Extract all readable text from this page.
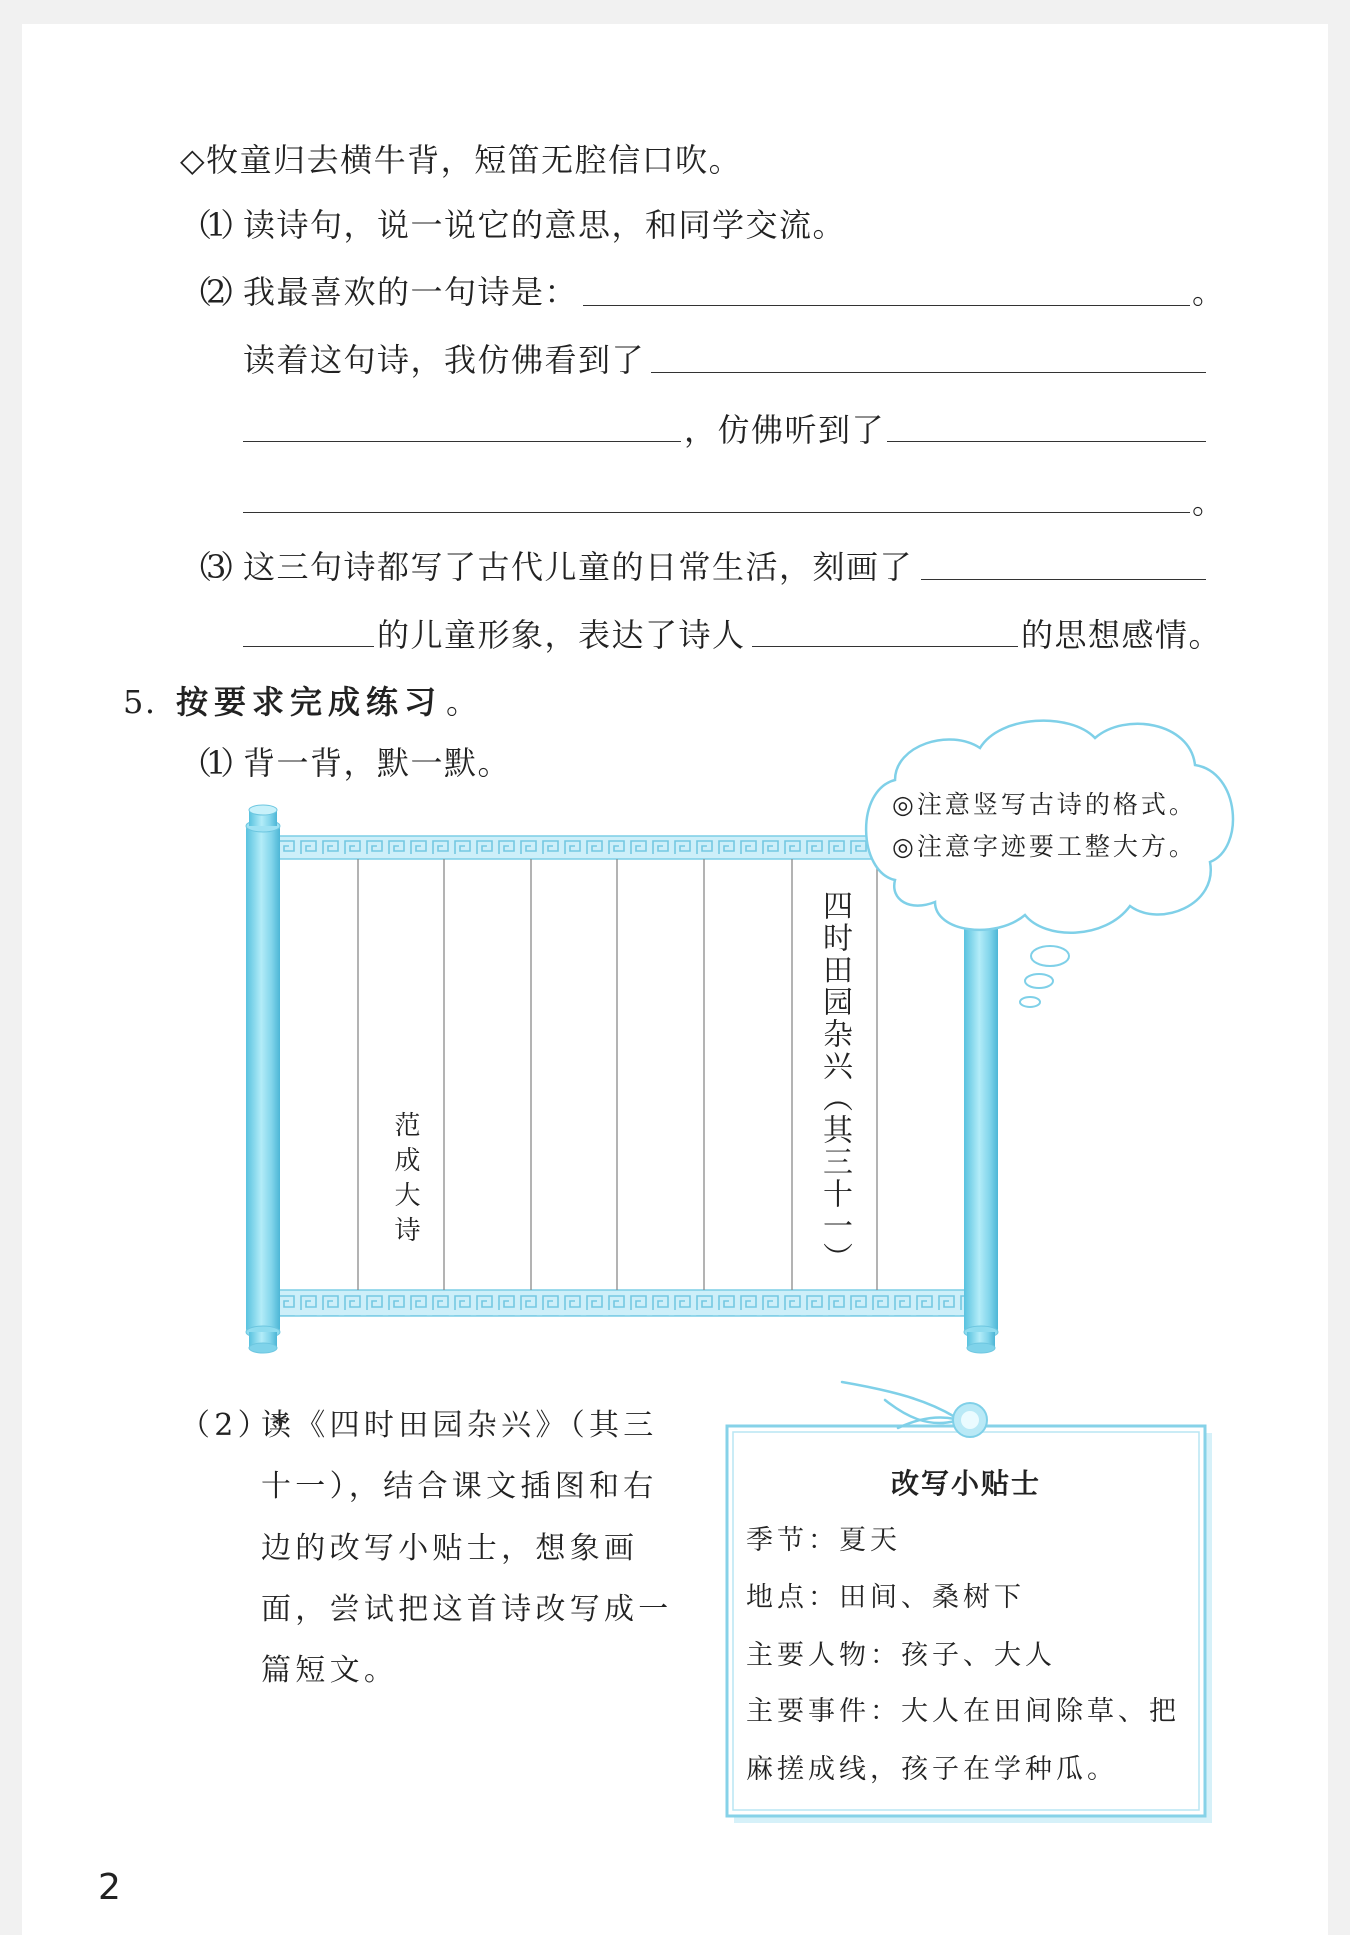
◇牧童归去横牛背，短笛无腔信口吹。
（1）
读诗句，说一说它的意思，和同学交流。
（2）
我最喜欢的一句诗是：	。
读着这句诗，我仿佛看到了
，仿佛听到了
。
（3）
这三句诗都写了古代儿童的日常生活，刻画了
的儿童形象，表达了诗人	的思想感情。
5. 按要求完成练习 。
（1）
背一背，默一默。
四时田园杂兴（其三十一）
范成大诗
◎注意竖写古诗的格式。
◎注意字迹要工整大方。
（2）*
读《四时田园杂兴》（其三
十一），结合课文插图和右
边的改写小贴士，想象画
面，尝试把这首诗改写成一
篇短文。
改写小贴士
季节：夏天
地点：田间、桑树下
主要人物：孩子、大人
主要事件：大人在田间除草、把
麻搓成线，孩子在学种瓜。
2
